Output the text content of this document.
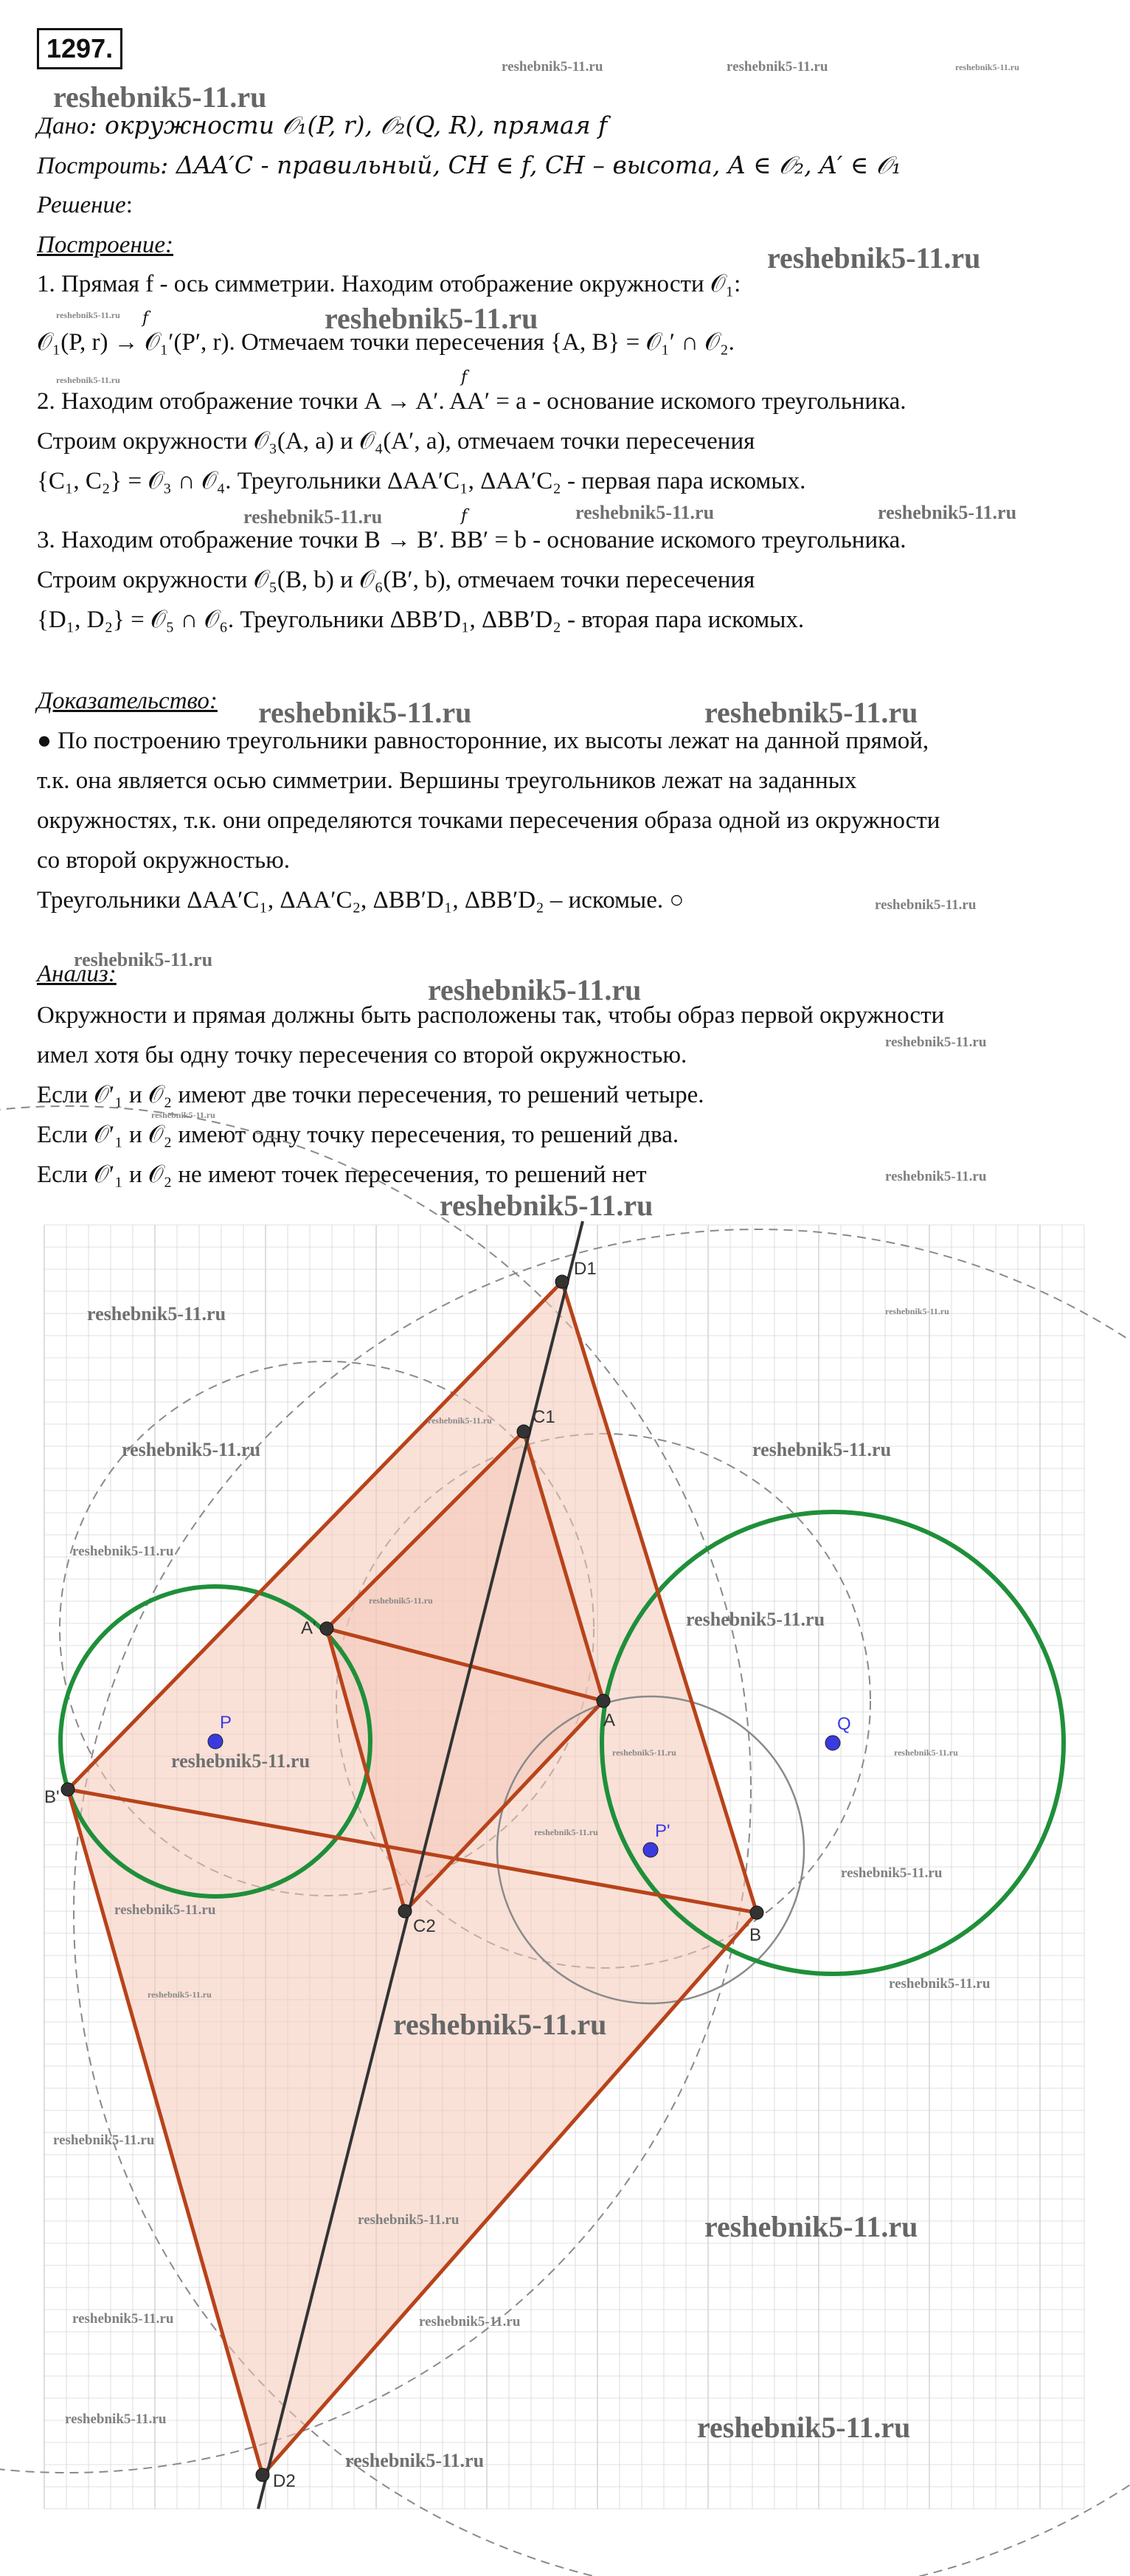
1297.
Дано: окружности 𝒪₁(P, r), 𝒪₂(Q, R), прямая f
Построить: ΔAA′C - правильный, CH ∈ f, CH – высота, A ∈ 𝒪₂, A′ ∈ 𝒪₁
Решение:
Построение:
1. Прямая f - ось симметрии. Находим отображение окружности 𝒪₁:
f
𝒪₁(P, r) → 𝒪₁′(P′, r). Отмечаем точки пересечения {A, B} = 𝒪₁′ ∩ 𝒪₂.
f
2. Находим отображение точки A → A′. AA′ = a - основание искомого треугольника.
Строим окружности 𝒪₃(A, a) и 𝒪₄(A′, a), отмечаем точки пересечения
{C₁, C₂} = 𝒪₃ ∩ 𝒪₄. Треугольники ΔAA′C₁, ΔAA′C₂ - первая пара искомых.
f
3. Находим отображение точки B → B′. BB′ = b - основание искомого треугольника.
Строим окружности 𝒪₅(B, b) и 𝒪₆(B′, b), отмечаем точки пересечения
{D₁, D₂} = 𝒪₅ ∩ 𝒪₆. Треугольники ΔBB′D₁, ΔBB′D₂ - вторая пара искомых.
Доказательство:
● По построению треугольники равносторонние, их высоты лежат на данной прямой,
т.к. она является осью симметрии. Вершины треугольников лежат на заданных
окружностях, т.к. они определяются точками пересечения образа одной из окружности
со второй окружностью.
Треугольники ΔAA′C₁, ΔAA′C₂, ΔBB′D₁, ΔBB′D₂ – искомые. ○
Анализ:
Окружности и прямая должны быть расположены так, чтобы образ первой окружности
имел хотя бы одну точку пересечения со второй окружностью.
Если 𝒪′₁ и 𝒪₂ имеют две точки пересечения, то решений четыре.
Если 𝒪′₁ и 𝒪₂ имеют одну точку пересечения, то решений два.
Если 𝒪′₁ и 𝒪₂ не имеют точек пересечения, то решений нет
D1
C1
A'
A
P	Q
P'
B'
C2	B
D2
reshebnik5-11.ru	reshebnik5-11.ru	reshebnik5-11.ru
reshebnik5-11.ru
reshebnik5-11.ru
reshebnik5-11.ru	reshebnik5-11.ru
reshebnik5-11.ru
reshebnik5-11.ru	reshebnik5-11.ru	reshebnik5-11.ru
reshebnik5-11.ru	reshebnik5-11.ru
reshebnik5-11.ru
reshebnik5-11.ru
reshebnik5-11.ru
reshebnik5-11.ru
reshebnik5-11.ru
reshebnik5-11.ru
reshebnik5-11.ru
reshebnik5-11.ru	reshebnik5-11.ru
reshebnik5-11.ru
reshebnik5-11.ru	reshebnik5-11.ru
reshebnik5-11.ru
reshebnik5-11.ru
reshebnik5-11.ru
reshebnik5-11.ru	reshebnik5-11.ru	reshebnik5-11.ru
reshebnik5-11.ru
reshebnik5-11.ru
reshebnik5-11.ru
reshebnik5-11.ru
reshebnik5-11.ru
reshebnik5-11.ru
reshebnik5-11.ru
reshebnik5-11.ru	reshebnik5-11.ru
reshebnik5-11.ru	reshebnik5-11.ru
reshebnik5-11.ru	reshebnik5-11.ru
reshebnik5-11.ru
